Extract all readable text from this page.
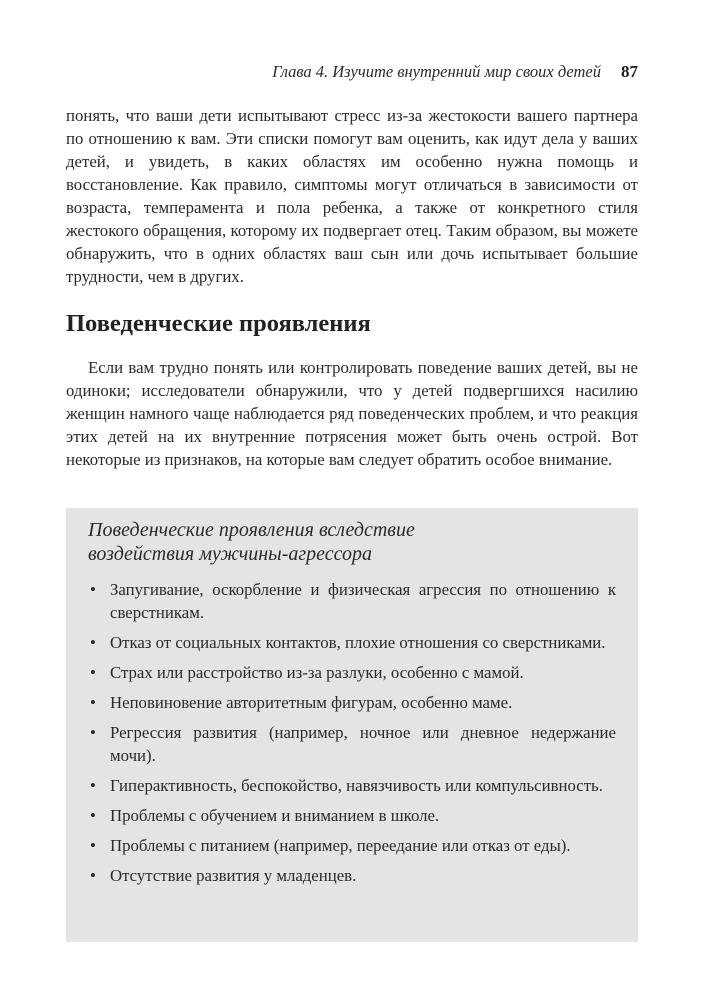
Глава 4. Изучите внутренний мир своих детей 87

понять, что ваши дети испытывают стресс из-за жестокости вашего партнера по отношению к вам. Эти списки помогут вам оценить, как идут дела у ваших детей, и увидеть, в каких областях им особенно нужна помощь и восстановление. Как правило, симптомы могут отличаться в зависимости от возраста, темперамента и пола ребенка, а также от конкретного стиля жестокого обращения, которому их подвергает отец. Таким образом, вы можете обнаружить, что в одних областях ваш сын или дочь испытывает большие трудности, чем в других.

Поведенческие проявления

Если вам трудно понять или контролировать поведение ваших детей, вы не одиноки; исследователи обнаружили, что у детей подвергшихся насилию женщин намного чаще наблюдается ряд поведенческих проблем, и что реакция этих детей на их внутренние потрясения может быть очень острой. Вот некоторые из признаков, на которые вам следует обратить особое внимание.

Поведенческие проявления вследствие
воздействия мужчины-агрессора
• Запугивание, оскорбление и физическая агрессия по отношению к сверстникам.
• Отказ от социальных контактов, плохие отношения со сверстниками.
• Страх или расстройство из-за разлуки, особенно с мамой.
• Неповиновение авторитетным фигурам, особенно маме.
• Регрессия развития (например, ночное или дневное недержание мочи).
• Гиперактивность, беспокойство, навязчивость или компульсивность.
• Проблемы с обучением и вниманием в школе.
• Проблемы с питанием (например, переедание или отказ от еды).
• Отсутствие развития у младенцев.
